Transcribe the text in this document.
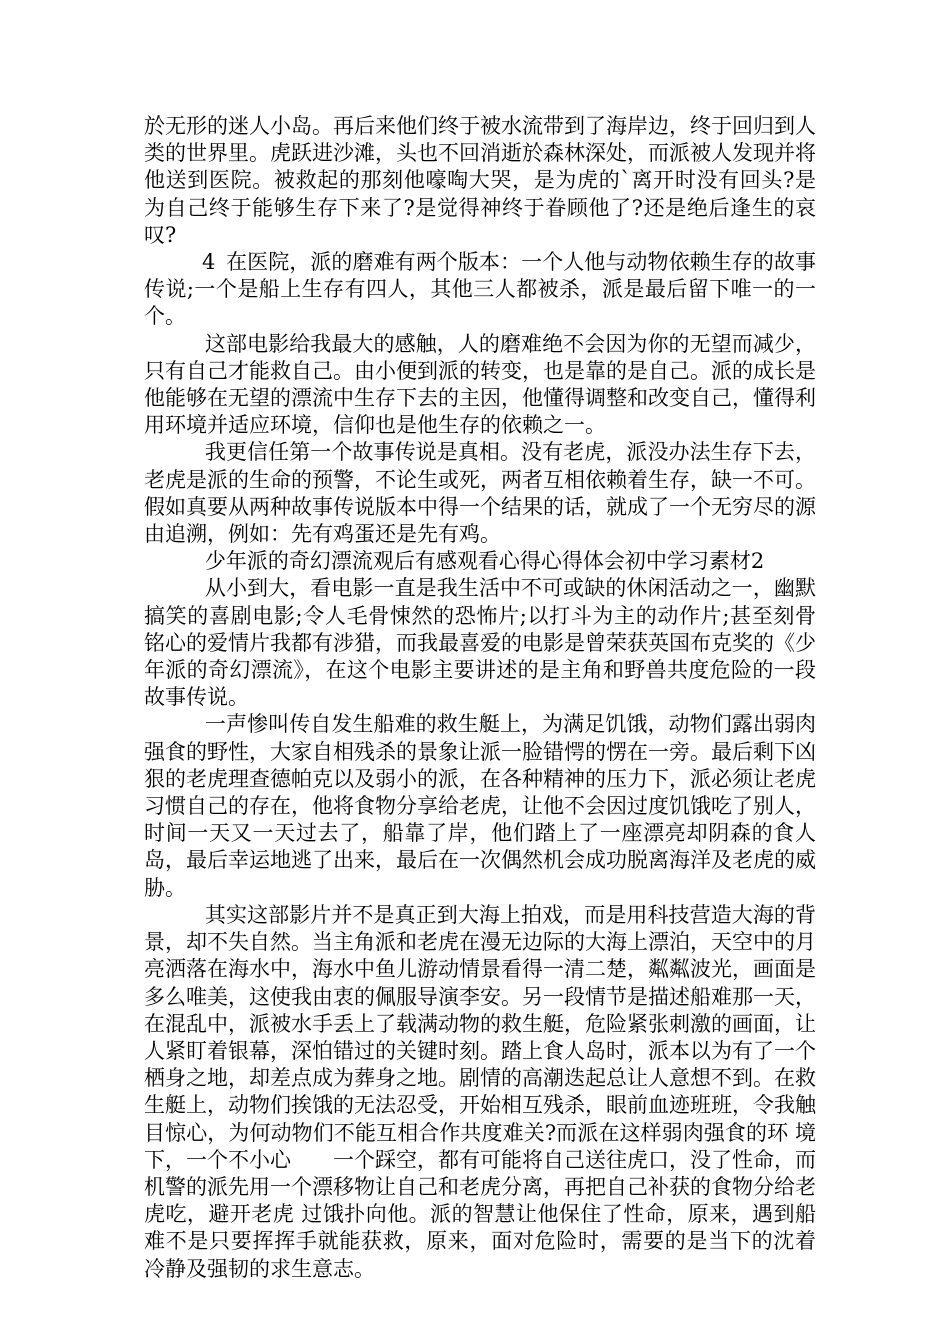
於无形的迷人小岛。再后来他们终于被水流带到了海岸边，终于回归到人类的世界里。虎跃进沙滩，头也不回消逝於森林深处，而派被人发现并将他送到医院。被救起的那刻他嚎啕大哭，是为虎的`离开时没有回头?是为自己终于能够生存下来了?是觉得神终于眷顾他了?还是绝后逢生的哀叹?

4 在医院，派的磨难有两个版本：一个人他与动物依赖生存的故事传说;一个是船上生存有四人，其他三人都被杀，派是最后留下唯一的一个。

这部电影给我最大的感触，人的磨难绝不会因为你的无望而减少，只有自己才能救自己。由小便到派的转变，也是靠的是自己。派的成长是他能够在无望的漂流中生存下去的主因，他懂得调整和改变自己，懂得利用环境并适应环境，信仰也是他生存的依赖之一。

我更信任第一个故事传说是真相。没有老虎，派没办法生存下去，老虎是派的生命的预警，不论生或死，两者互相依赖着生存，缺一不可。假如真要从两种故事传说版本中得一个结果的话，就成了一个无穷尽的源由追溯，例如：先有鸡蛋还是先有鸡。

少年派的奇幻漂流观后有感观看心得心得体会初中学习素材2

从小到大，看电影一直是我生活中不可或缺的休闲活动之一，幽默搞笑的喜剧电影;令人毛骨悚然的恐怖片;以打斗为主的动作片;甚至刻骨铭心的爱情片我都有涉猎，而我最喜爱的电影是曾荣获英国布克奖的《少年派的奇幻漂流》，在这个电影主要讲述的是主角和野兽共度危险的一段故事传说。

一声惨叫传自发生船难的救生艇上，为满足饥饿，动物们露出弱肉强食的野性，大家自相残杀的景象让派一脸错愕的愣在一旁。最后剩下凶狠的老虎理查德帕克以及弱小的派，在各种精神的压力下，派必须让老虎习惯自己的存在，他将食物分享给老虎，让他不会因过度饥饿吃了别人，时间一天又一天过去了，船靠了岸，他们踏上了一座漂亮却阴森的食人岛，最后幸运地逃了出来，最后在一次偶然机会成功脱离海洋及老虎的威胁。

其实这部影片并不是真正到大海上拍戏，而是用科技营造大海的背景，却不失自然。当主角派和老虎在漫无边际的大海上漂泊，天空中的月亮洒落在海水中，海水中鱼儿游动情景看得一清二楚，粼粼波光，画面是多么唯美，这使我由衷的佩服导演李安。另一段情节是描述船难那一天，在混乱中，派被水手丢上了载满动物的救生艇，危险紧张刺激的画面，让人紧盯着银幕，深怕错过的关键时刻。踏上食人岛时，派本以为有了一个栖身之地，却差点成为葬身之地。剧情的高潮迭起总让人意想不到。在救生艇上，动物们挨饿的无法忍受，开始相互残杀，眼前血迹班班，令我触目惊心，为何动物们不能互相合作共度难关?而派在这样弱肉强食的环 境下，一个不小心　　一个踩空，都有可能将自己送往虎口，没了性命，而机警的派先用一个漂移物让自己和老虎分离，再把自己补获的食物分给老虎吃，避开老虎 过饿扑向他。派的智慧让他保住了性命，原来，遇到船难不是只要挥挥手就能获救，原来，面对危险时，需要的是当下的沈着　　冷静及强韧的求生意志。
